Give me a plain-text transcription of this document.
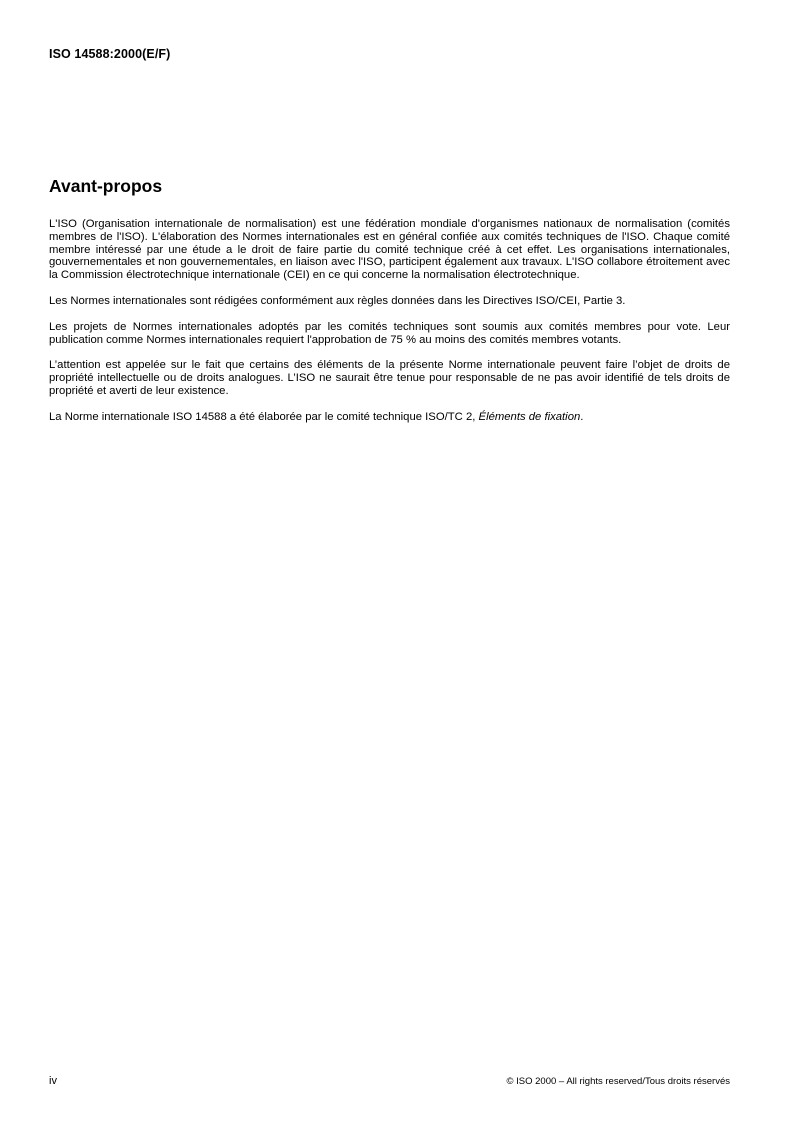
ISO 14588:2000(E/F)
Avant-propos

L'ISO (Organisation internationale de normalisation) est une fédération mondiale d'organismes nationaux de normalisation (comités membres de l'ISO). L'élaboration des Normes internationales est en général confiée aux comités techniques de l'ISO. Chaque comité membre intéressé par une étude a le droit de faire partie du comité technique créé à cet effet. Les organisations internationales, gouvernementales et non gouvernementales, en liaison avec l'ISO, participent également aux travaux. L'ISO collabore étroitement avec la Commission électrotechnique internationale (CEI) en ce qui concerne la normalisation électrotechnique.

Les Normes internationales sont rédigées conformément aux règles données dans les Directives ISO/CEI, Partie 3.

Les projets de Normes internationales adoptés par les comités techniques sont soumis aux comités membres pour vote. Leur publication comme Normes internationales requiert l'approbation de 75 % au moins des comités membres votants.

L’attention est appelée sur le fait que certains des éléments de la présente Norme internationale peuvent faire l’objet de droits de propriété intellectuelle ou de droits analogues. L’ISO ne saurait être tenue pour responsable de ne pas avoir identifié de tels droits de propriété et averti de leur existence.

La Norme internationale ISO 14588 a été élaborée par le comité technique ISO/TC 2, Éléments de fixation.

iv	© ISO 2000 – All rights reserved/Tous droits réservés
